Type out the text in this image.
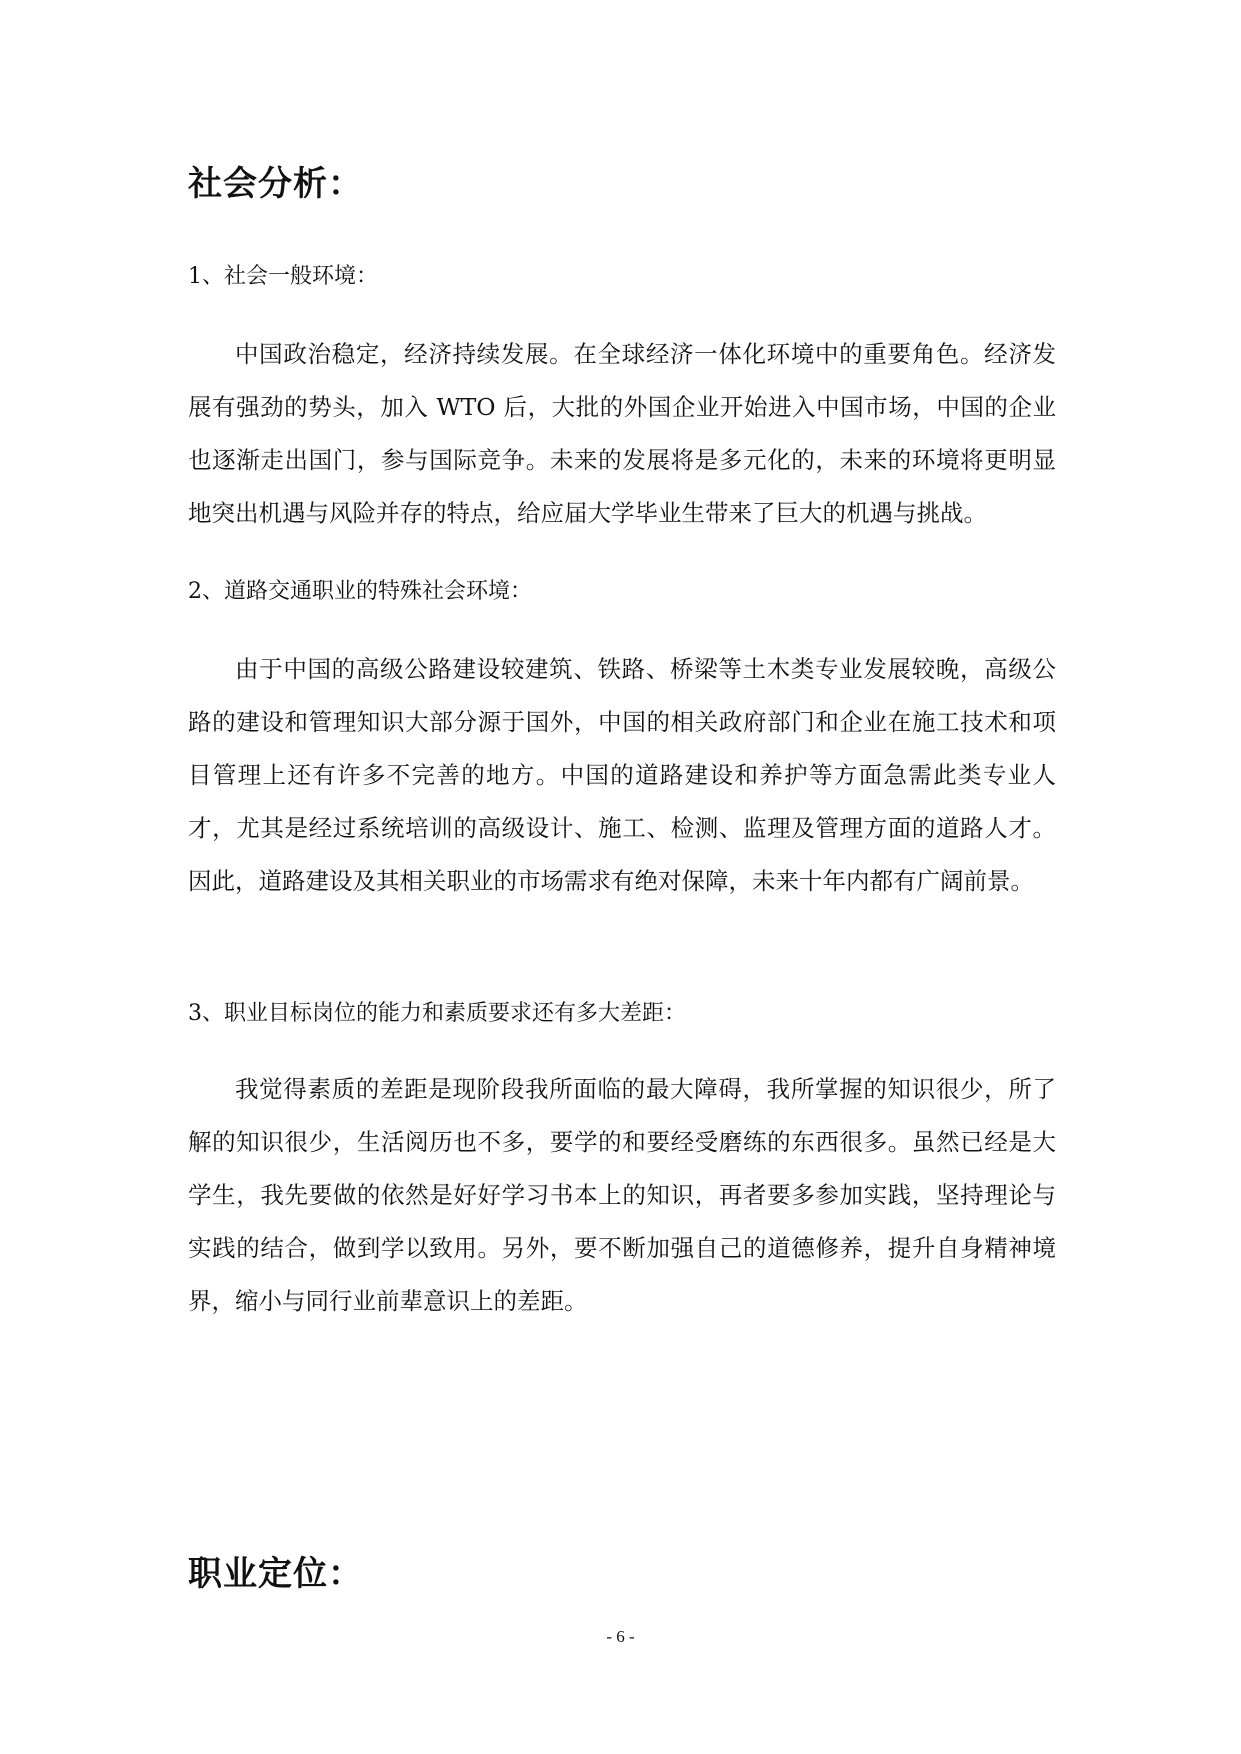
社会分析：

1、社会一般环境：

中国政治稳定，经济持续发展。在全球经济一体化环境中的重要角色。经济发展有强劲的势头，加入 WTO 后，大批的外国企业开始进入中国市场，中国的企业也逐渐走出国门，参与国际竞争。未来的发展将是多元化的，未来的环境将更明显地突出机遇与风险并存的特点，给应届大学毕业生带来了巨大的机遇与挑战。

2、道路交通职业的特殊社会环境：

由于中国的高级公路建设较建筑、铁路、桥梁等土木类专业发展较晚，高级公路的建设和管理知识大部分源于国外，中国的相关政府部门和企业在施工技术和项目管理上还有许多不完善的地方。中国的道路建设和养护等方面急需此类专业人才，尤其是经过系统培训的高级设计、施工、检测、监理及管理方面的道路人才。因此，道路建设及其相关职业的市场需求有绝对保障，未来十年内都有广阔前景。

3、职业目标岗位的能力和素质要求还有多大差距：

我觉得素质的差距是现阶段我所面临的最大障碍，我所掌握的知识很少，所了解的知识很少，生活阅历也不多，要学的和要经受磨练的东西很多。虽然已经是大学生，我先要做的依然是好好学习书本上的知识，再者要多参加实践，坚持理论与实践的结合，做到学以致用。另外，要不断加强自己的道德修养，提升自身精神境界，缩小与同行业前辈意识上的差距。

职业定位：
- 6 -
